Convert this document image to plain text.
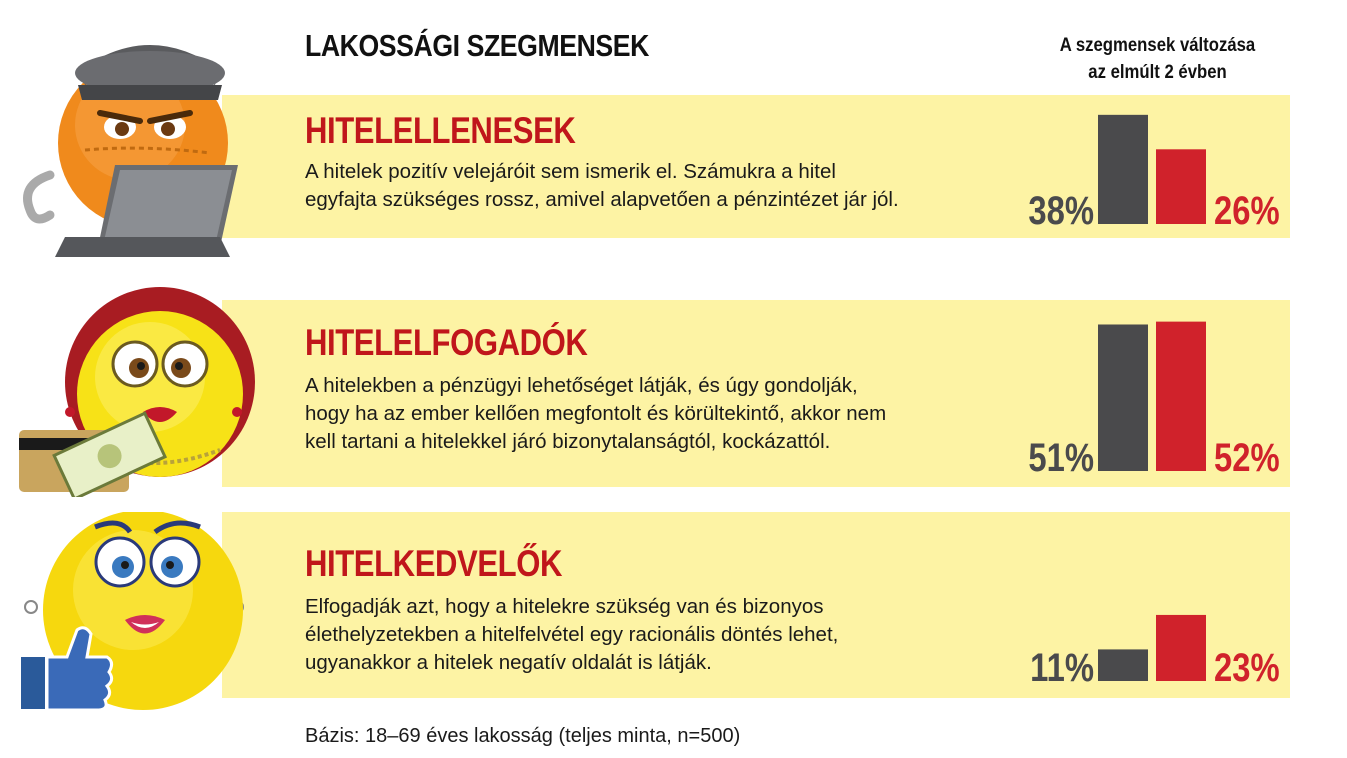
LAKOSSÁGI SZEGMENSEK	A szegmensek változása
az elmúlt 2 évben
HITELELLENESEK
A hitelek pozitív velejáróit sem ismerik el. Számukra a hitel
egyfajta szükséges rossz, amivel alapvetően a pénzintézet jár jól.
HITELELFOGADÓK
A hitelekben a pénzügyi lehetőséget látják, és úgy gondolják,
hogy ha az ember kellően megfontolt és körültekintő, akkor nem
kell tartani a hitelekkel járó bizonytalanságtól, kockázattól.
HITELKEDVELŐK
Elfogadják azt, hogy a hitelekre szükség van és bizonyos
élethelyzetekben a hitelfelvétel egy racionális döntés lehet,
ugyanakkor a hitelek negatív oldalát is látják.
38%	26%
51%	52%
11%	23%
Bázis: 18–69 éves lakosság (teljes minta, n=500)
